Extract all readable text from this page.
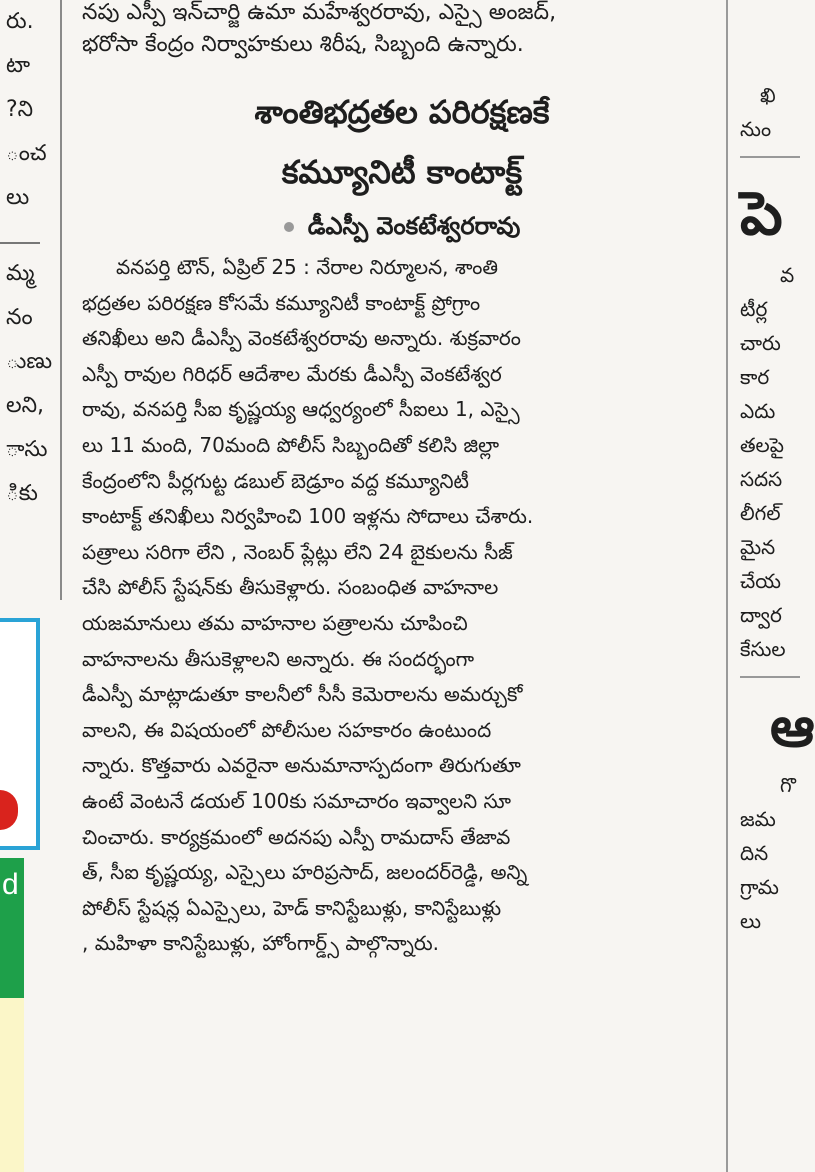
రు.
టా
?ని
ంచ
లు
మ్మ
నం
ుణు
లని,
ాసు
ికు
d
నపు ఎస్పీ ఇన్‌చార్జి ఉమా మహేశ్వరరావు, ఎస్సై అంజద్,
భరోసా కేంద్రం నిర్వాహకులు శిరీష, సిబ్బంది ఉన్నారు.
శాంతిభద్రతల పరిరక్షణకే
కమ్యూనిటీ కాంటాక్ట్
డీఎస్పీ వెంకటేశ్వరరావు
వనపర్తి టౌన్, ఏప్రిల్ 25 : నేరాల నిర్మూలన, శాంతి
భద్రతల పరిరక్షణ కోసమే కమ్యూనిటీ కాంటాక్ట్ ప్రోగ్రాం
తనిఖీలు అని డీఎస్పీ వెంకటేశ్వరరావు అన్నారు. శుక్రవారం
ఎస్పీ రావుల గిరిధర్ ఆదేశాల మేరకు డీఎస్పీ వెంకటేశ్వర
రావు, వనపర్తి సీఐ కృష్ణయ్య ఆధ్వర్యంలో సీఐలు 1, ఎస్సై
లు 11 మంది, 70మంది పోలీస్ సిబ్బందితో కలిసి జిల్లా
కేంద్రంలోని పీర్లగుట్ట డబుల్ బెడ్రూం వద్ద కమ్యూనిటీ
కాంటాక్ట్ తనిఖీలు నిర్వహించి 100 ఇళ్లను సోదాలు చేశారు.
పత్రాలు సరిగా లేని , నెంబర్ ప్లేట్లు లేని 24 బైకులను సీజ్
చేసి పోలీస్ స్టేషన్‌కు తీసుకెళ్లారు. సంబంధిత వాహనాల
యజమానులు తమ వాహనాల పత్రాలను చూపించి
వాహనాలను తీసుకెళ్లాలని అన్నారు. ఈ సందర్భంగా
డీఎస్పీ మాట్లాడుతూ కాలనీలో సీసీ కెమెరాలను అమర్చుకో
వాలని, ఈ విషయంలో పోలీసుల సహకారం ఉంటుంద
న్నారు. కొత్తవారు ఎవరైనా అనుమానాస్పదంగా తిరుగుతూ
ఉంటే వెంటనే డయల్ 100కు సమాచారం ఇవ్వాలని సూ
చించారు. కార్యక్రమంలో అదనపు ఎస్పీ రామదాస్ తేజావ
త్, సీఐ కృష్ణయ్య, ఎస్సైలు హరిప్రసాద్, జలందర్‌రెడ్డి, అన్ని
పోలీస్ స్టేషన్ల ఏఎస్సైలు, హెడ్ కానిస్టేబుళ్లు, కానిస్టేబుళ్లు
, మహిళా కానిస్టేబుళ్లు, హోంగార్డ్స్ పాల్గొన్నారు.
ఖి
నుం
పె
వ
టీర్ల
చారు
కార
ఎదు
తలపై
సదస
లీగల్
మైన
చేయ
ద్వార
కేసుల
ఆ
గొ
జమ
దిన
గ్రామ
లు
